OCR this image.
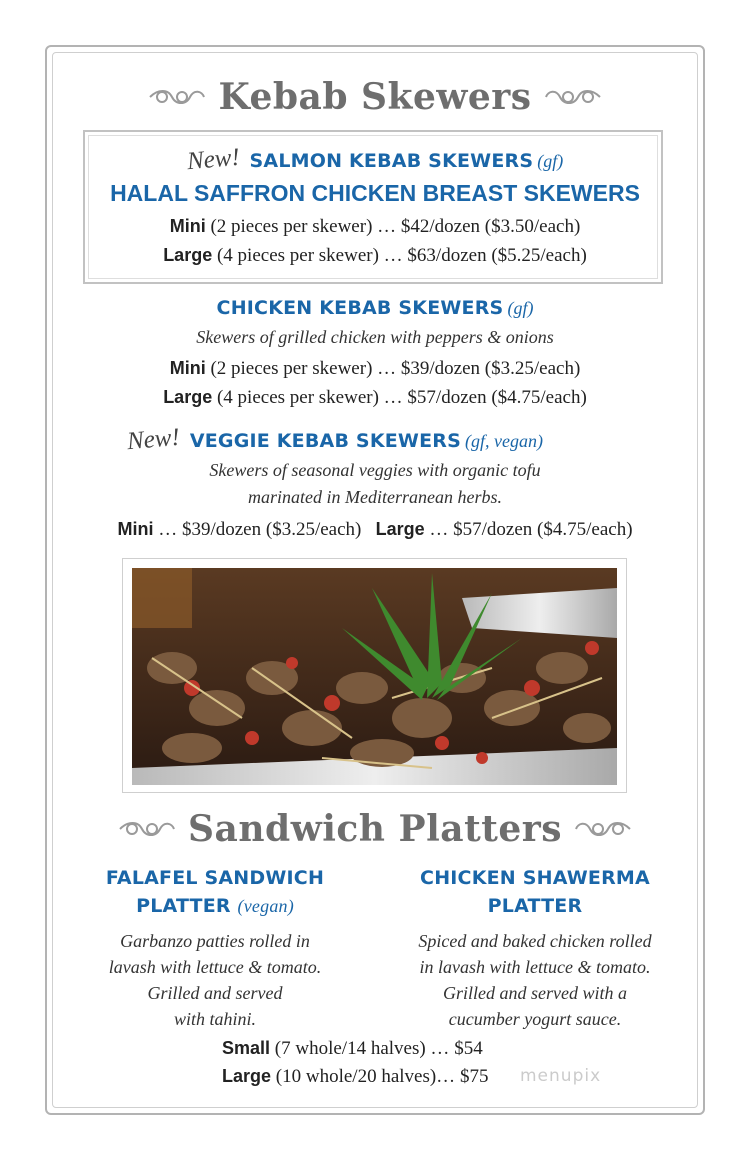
Kebab Skewers
New! SALMON KEBAB SKEWERS (gf)
HALAL SAFFRON CHICKEN BREAST SKEWERS
Mini (2 pieces per skewer) … $42/dozen ($3.50/each)
Large (4 pieces per skewer) … $63/dozen ($5.25/each)
CHICKEN KEBAB SKEWERS (gf)
Skewers of grilled chicken with peppers & onions
Mini (2 pieces per skewer) … $39/dozen ($3.25/each)
Large (4 pieces per skewer) … $57/dozen ($4.75/each)
New! VEGGIE KEBAB SKEWERS (gf, vegan)
Skewers of seasonal veggies with organic tofu
marinated in Mediterranean herbs.
Mini … $39/dozen ($3.25/each) Large … $57/dozen ($4.75/each)
Sandwich Platters
FALAFEL SANDWICH
PLATTER (vegan)
Garbanzo patties rolled in
lavash with lettuce & tomato.
Grilled and served
with tahini.
CHICKEN SHAWERMA
PLATTER
Spiced and baked chicken rolled
in lavash with lettuce & tomato.
Grilled and served with a
cucumber yogurt sauce.
Small (7 whole/14 halves) … $54
Large (10 whole/20 halves)… $75 menupix
